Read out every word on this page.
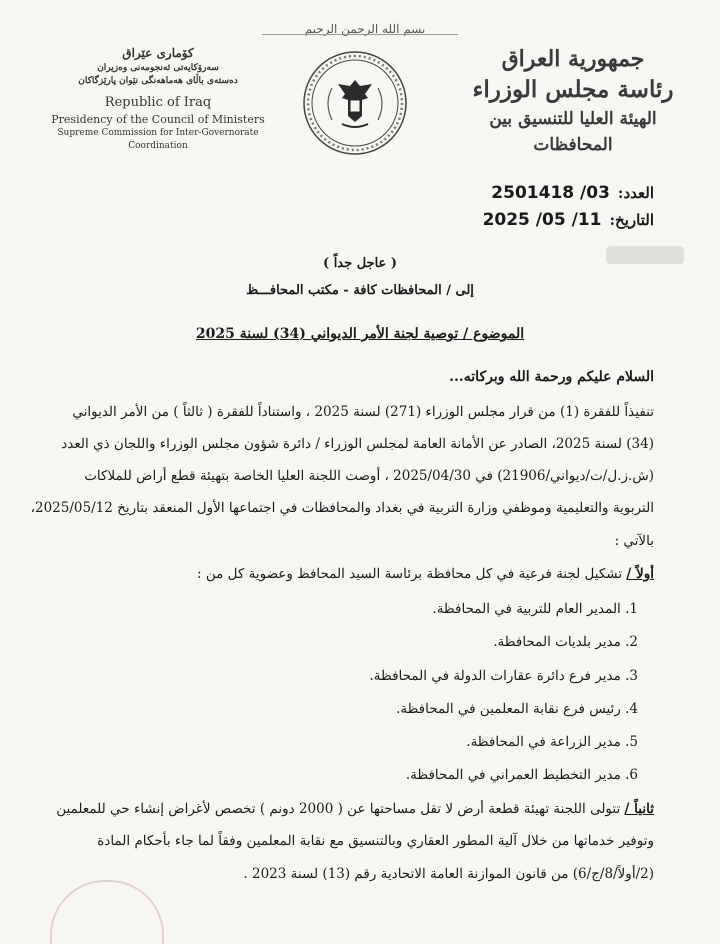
بسم الله الرحمن الرحيم
جمهورية العراق
رئاسة مجلس الوزراء
الهيئة العليا للتنسيق بين المحافظات
كۆماری عێراق
سەرۆكایەتی ئەنجومەنی وەزیران
دەستەی باڵای هەماهەنگی نێوان پارێزگاكان
Republic of Iraq
Presidency of the Council of Ministers
Supreme Commission for Inter-Governorate Coordination
العدد:03/ 2501418
التاريخ:11/ 05/ 2025
( عاجل جداً )
إلى / المحافظات كافة - مكتب المحافـــظ
الموضوع / توصية لجنة الأمر الديواني (34) لسنة 2025
السلام عليكم ورحمة الله وبركاته...
تنفيذاً للفقرة (1) من قرار مجلس الوزراء (271) لسنة 2025 ، واستناداً للفقرة ( ثالثاً ) من الأمر الديواني
(34) لسنة 2025، الصادر عن الأمانة العامة لمجلس الوزراء / دائرة شؤون مجلس الوزراء واللجان ذي العدد
(ش.ز.ل/ت/ديواني/21906) في 2025/04/30 ، أوصت اللجنة العليا الخاصة بتهيئة قطع أراض للملاكات
التربوية والتعليمية وموظفي وزارة التربية في بغداد والمحافظات في اجتماعها الأول المنعقد بتاريخ 2025/05/12،
بالآتي :
أولاً / تشكيل لجنة فرعية في كل محافظة برئاسة السيد المحافظ وعضوية كل من :
1. المدير العام للتربية في المحافظة.
2. مدير بلديات المحافظة.
3. مدير فرع دائرة عقارات الدولة في المحافظة.
4. رئيس فرع نقابة المعلمين في المحافظة.
5. مدير الزراعة في المحافظة.
6. مدير التخطيط العمراني في المحافظة.
ثانياً / تتولى اللجنة تهيئة قطعة أرض لا تقل مساحتها عن ( 2000 دونم ) تخصص لأغراض إنشاء حي للمعلمين
وتوفير خدماتها من خلال آلية المطور العقاري وبالتنسيق مع نقابة المعلمين وفقاً لما جاء بأحكام المادة
(2/أولاً/8/ج/6) من قانون الموازنة العامة الاتحادية رقم (13) لسنة 2023 .
